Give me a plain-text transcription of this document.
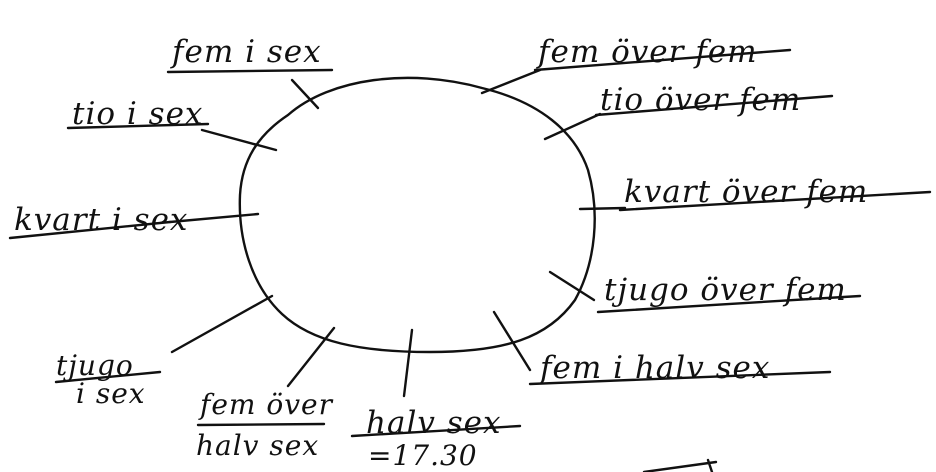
fem i sex	fem över fem
tio i sex	tio över fem
kvart i sex
kvart över fem
tjugo
i sex
tjugo över fem
fem över
halv sex
halv sex
=17.30
fem i halv sex
